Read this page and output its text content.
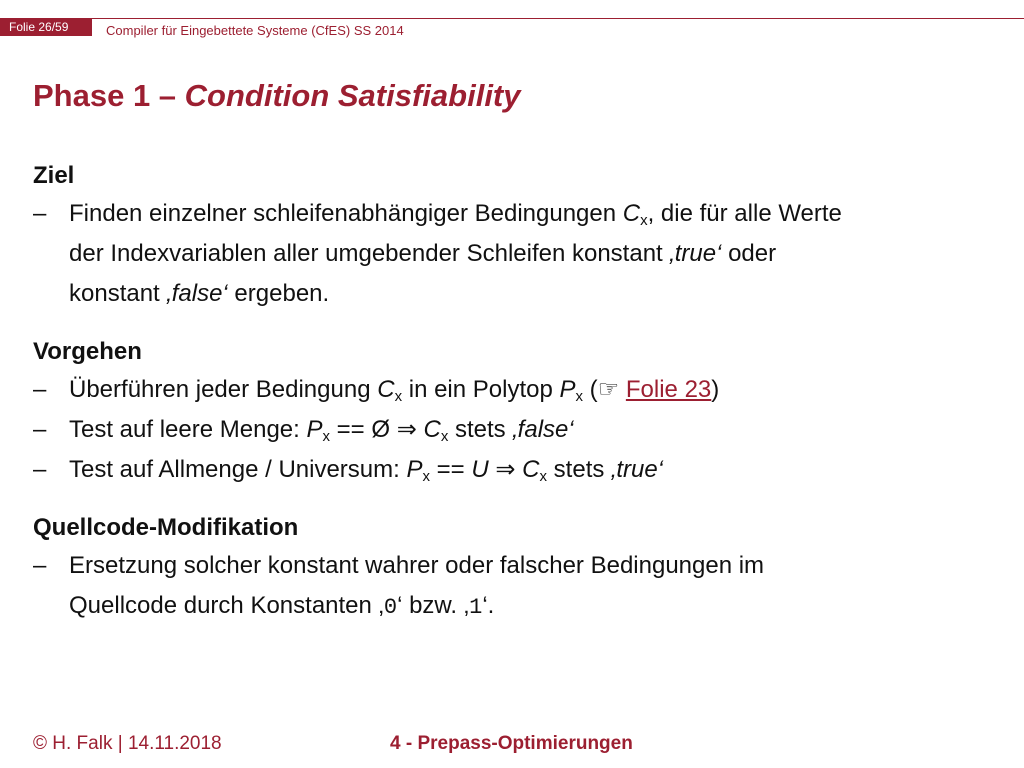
Folie 26/59	Compiler für Eingebettete Systeme (CfES) SS 2014
Phase 1 – Condition Satisfiability

Ziel

– Finden einzelner schleifenabhängiger Bedingungen $C_x$, die für alle Werte
der Indexvariablen aller umgebender Schleifen konstant ‚true‘ oder
konstant ‚false‘ ergeben.

Vorgehen

– Überführen jeder Bedingung $C_x$ in ein Polytop $P_x$ (☞ Folie 23)
– Test auf leere Menge: $P_x$ == Ø ⇒ $C_x$ stets ‚false‘
– Test auf Allmenge / Universum: $P_x == U$ ⇒ $C_x$ stets ‚true‘

Quellcode-Modifikation

– Ersetzung solcher konstant wahrer oder falscher Bedingungen im
Quellcode durch Konstanten ‚0‘ bzw. ‚1‘.
© H. Falk | 14.11.2018	4 - Prepass-Optimierungen
